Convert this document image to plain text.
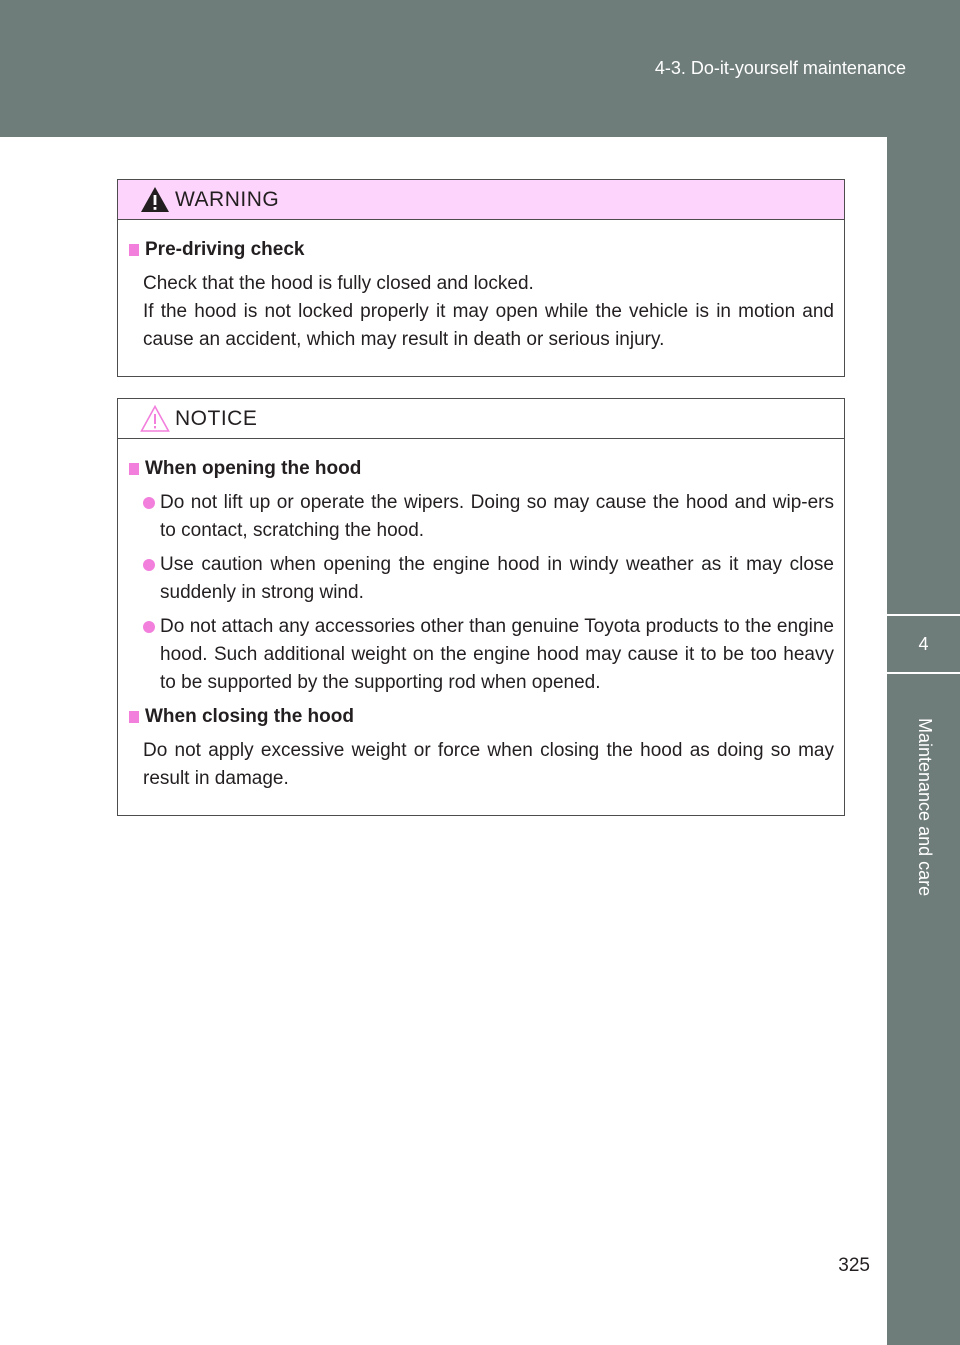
4-3. Do-it-yourself maintenance
4
Maintenance and care
WARNING
Pre-driving check
Check that the hood is fully closed and locked.
If the hood is not locked properly it may open while the vehicle is in motion and cause an accident, which may result in death or serious injury.
NOTICE
When opening the hood
Do not lift up or operate the wipers. Doing so may cause the hood and wip-ers to contact, scratching the hood.
Use caution when opening the engine hood in windy weather as it may close suddenly in strong wind.
Do not attach any accessories other than genuine Toyota products to the engine hood. Such additional weight on the engine hood may cause it to be too heavy to be supported by the supporting rod when opened.
When closing the hood
Do not apply excessive weight or force when closing the hood as doing so may result in damage.
325
